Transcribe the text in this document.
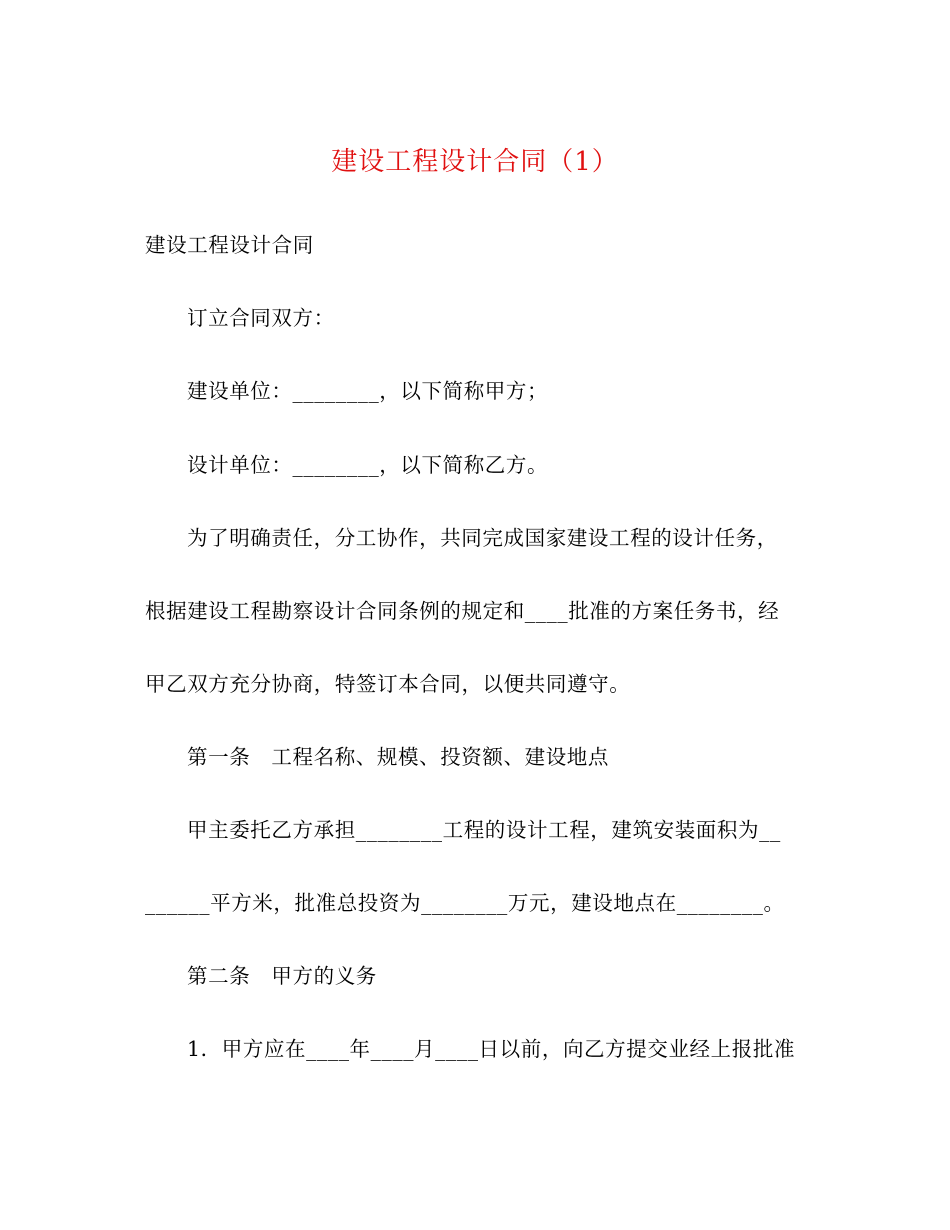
建设工程设计合同（1）
建设工程设计合同
订立合同双方：
建设单位：________，以下简称甲方；
设计单位：________，以下简称乙方。
为了明确责任，分工协作，共同完成国家建设工程的设计任务，
根据建设工程勘察设计合同条例的规定和____批准的方案任务书，经
甲乙双方充分协商，特签订本合同，以便共同遵守。
第一条　工程名称、规模、投资额、建设地点
甲主委托乙方承担________工程的设计工程，建筑安装面积为__
______平方米，批准总投资为________万元，建设地点在________。
第二条　甲方的义务
1．甲方应在____年____月____日以前，向乙方提交业经上报批准
